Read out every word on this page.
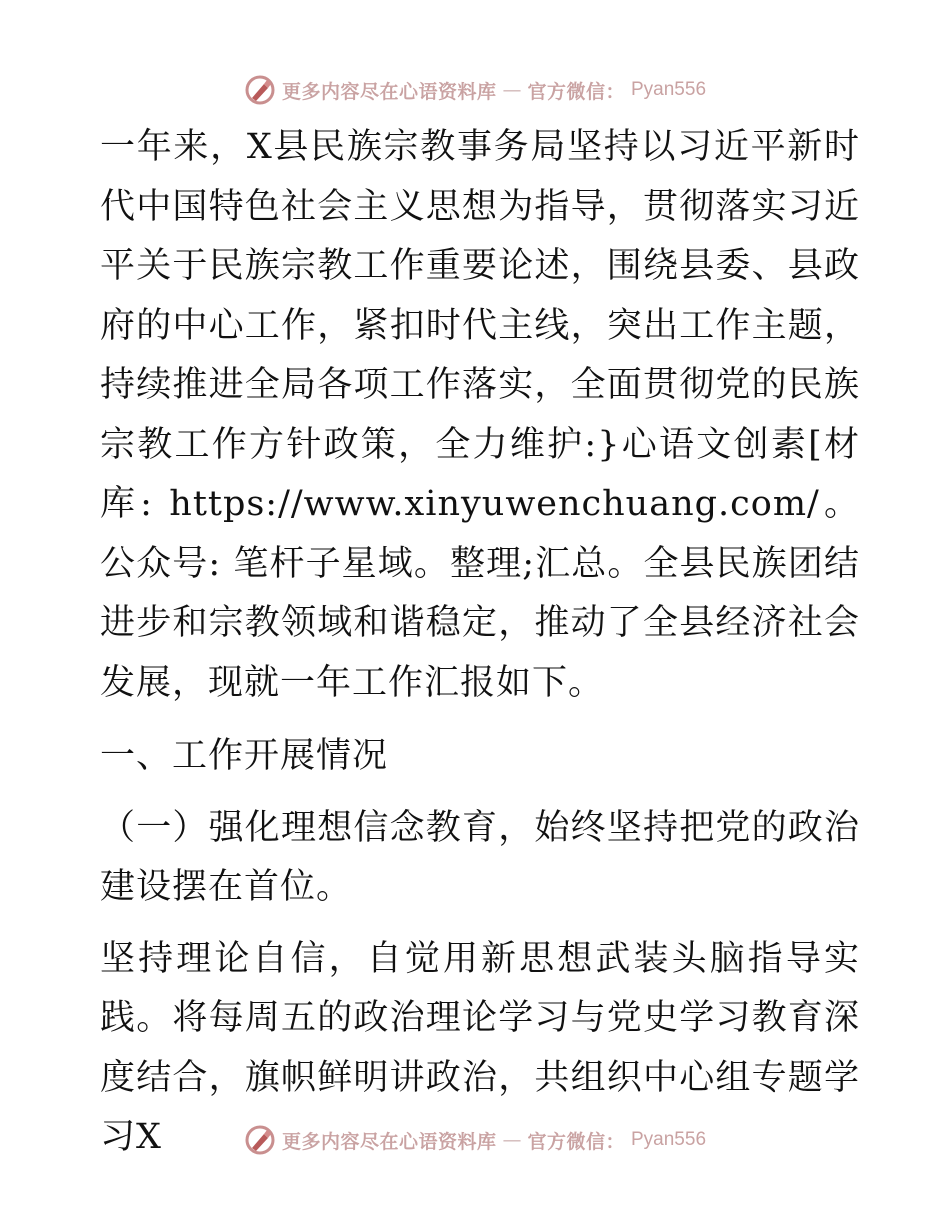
更多内容尽在心语资料库 — 官方微信： Pyan556

一年来，X县民族宗教事务局坚持以习近平新时代中国特色社会主义思想为指导，贯彻落实习近平关于民族宗教工作重要论述，围绕县委、县政府的中心工作，紧扣时代主线，突出工作主题，持续推进全局各项工作落实，全面贯彻党的民族宗教工作方针政策，全力维护:}心语文创素[材库: https://www.xinyuwenchuang.com/。公众号: 笔杆子星域。整理;汇总。全县民族团结进步和宗教领域和谐稳定，推动了全县经济社会发展，现就一年工作汇报如下。

一、工作开展情况

（一）强化理想信念教育，始终坚持把党的政治建设摆在首位。

坚持理论自信，自觉用新思想武装头脑指导实践。将每周五的政治理论学习与党史学习教育深度结合，旗帜鲜明讲政治，共组织中心组专题学习X	更多内容尽在心语资料库 — 官方微信： Pyan556
